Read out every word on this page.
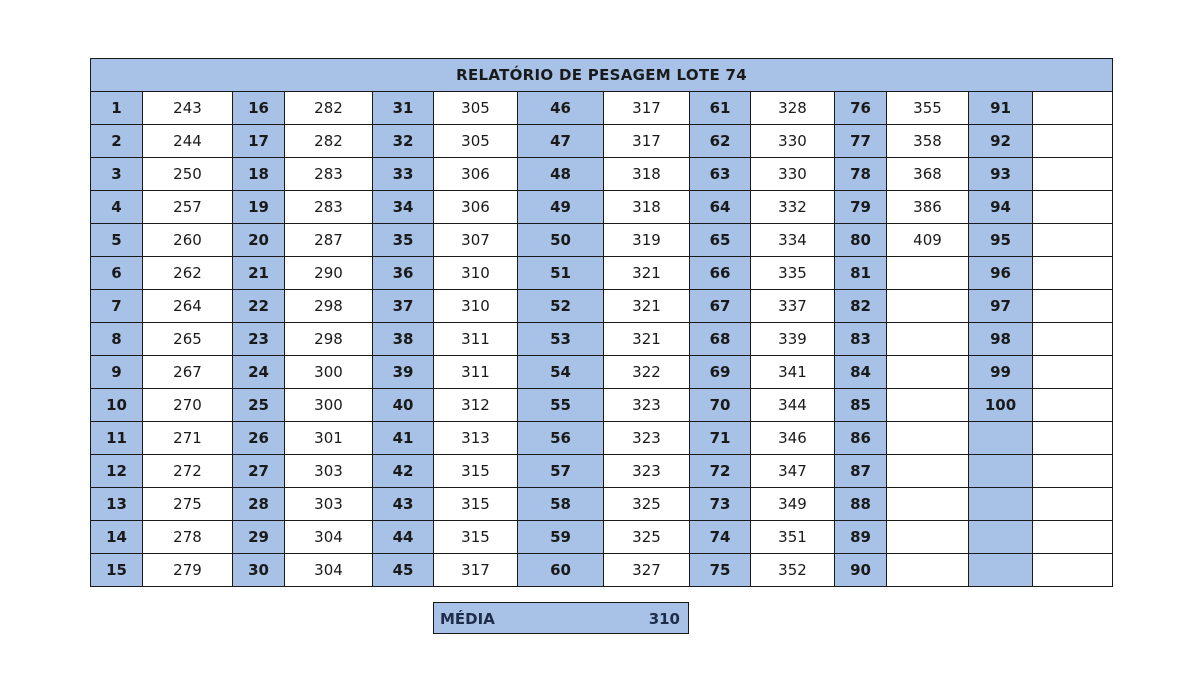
RELATÓRIO DE PESAGEM LOTE 74													
1	243	16	282	31	305	46	317	61	328	76	355	91	
2	244	17	282	32	305	47	317	62	330	77	358	92	
3	250	18	283	33	306	48	318	63	330	78	368	93	
4	257	19	283	34	306	49	318	64	332	79	386	94	
5	260	20	287	35	307	50	319	65	334	80	409	95	
6	262	21	290	36	310	51	321	66	335	81		96	
7	264	22	298	37	310	52	321	67	337	82		97	
8	265	23	298	38	311	53	321	68	339	83		98	
9	267	24	300	39	311	54	322	69	341	84		99	
10	270	25	300	40	312	55	323	70	344	85		100	
11	271	26	301	41	313	56	323	71	346	86			
12	272	27	303	42	315	57	323	72	347	87			
13	275	28	303	43	315	58	325	73	349	88			
14	278	29	304	44	315	59	325	74	351	89			
15	279	30	304	45	317	60	327	75	352	90			
MÉDIA	310
